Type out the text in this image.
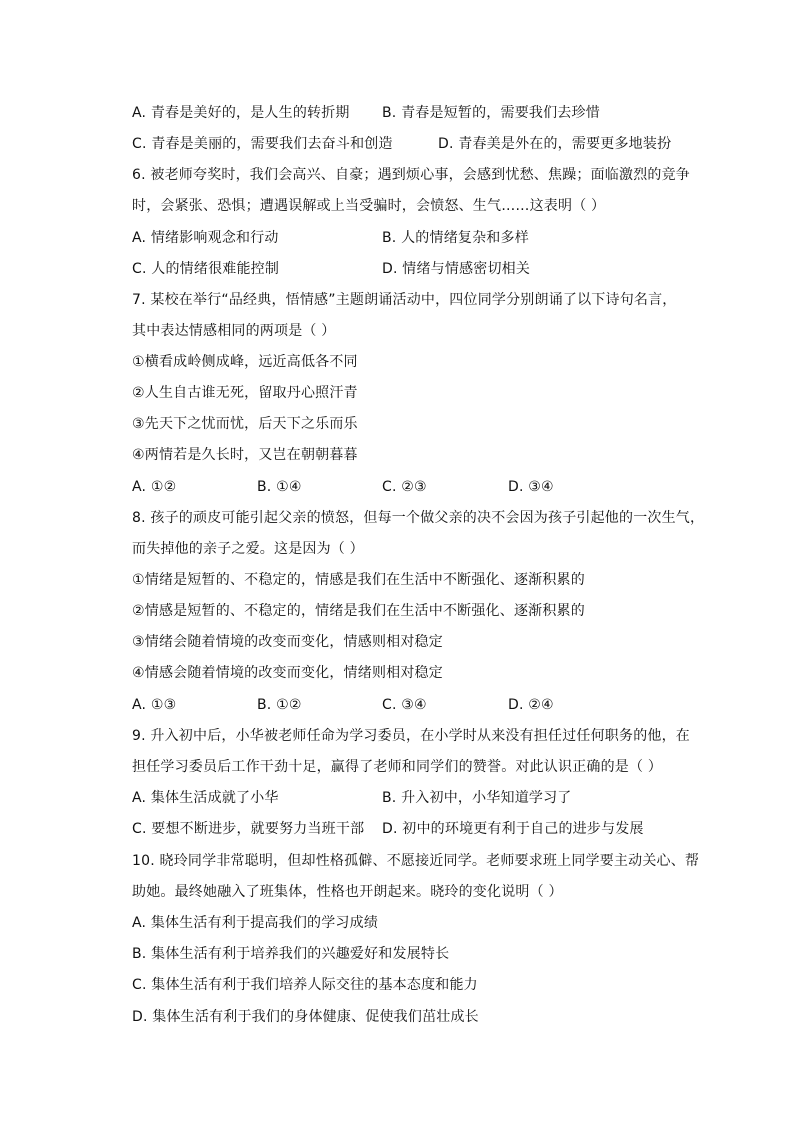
A. 青春是美好的，是人生的转折期 B. 青春是短暂的，需要我们去珍惜
C. 青春是美丽的，需要我们去奋斗和创造	D. 青春美是外在的，需要更多地装扮
6. 被老师夸奖时，我们会高兴、自豪；遇到烦心事，会感到忧愁、焦躁；面临激烈的竞争
时，会紧张、恐惧；遭遇误解或上当受骗时，会愤怒、生气……这表明（ ）
A. 情绪影响观念和行动	B. 人的情绪复杂和多样
C. 人的情绪很难能控制	D. 情绪与情感密切相关
7. 某校在举行“品经典，悟情感”主题朗诵活动中，四位同学分别朗诵了以下诗句名言，
其中表达情感相同的两项是（ ）
①横看成岭侧成峰，远近高低各不同
②人生自古谁无死，留取丹心照汗青
③先天下之忧而忧，后天下之乐而乐
④两情若是久长时，又岂在朝朝暮暮
A. ①②	B. ①④	C. ②③	D. ③④
8. 孩子的顽皮可能引起父亲的愤怒，但每一个做父亲的决不会因为孩子引起他的一次生气，
而失掉他的亲子之爱。这是因为（ ）
①情绪是短暂的、不稳定的，情感是我们在生活中不断强化、逐渐积累的
②情感是短暂的、不稳定的，情绪是我们在生活中不断强化、逐渐积累的
③情绪会随着情境的改变而变化，情感则相对稳定
④情感会随着情境的改变而变化，情绪则相对稳定
A. ①③	B. ①②	C. ③④	D. ②④
9. 升入初中后，小华被老师任命为学习委员，在小学时从来没有担任过任何职务的他，在
担任学习委员后工作干劲十足，赢得了老师和同学们的赞誉。对此认识正确的是（ ）
A. 集体生活成就了小华	B. 升入初中，小华知道学习了
C. 要想不断进步，就要努力当班干部 D. 初中的环境更有利于自己的进步与发展
10. 晓玲同学非常聪明，但却性格孤僻、不愿接近同学。老师要求班上同学要主动关心、帮
助她。最终她融入了班集体，性格也开朗起来。晓玲的变化说明（ ）
A. 集体生活有利于提高我们的学习成绩
B. 集体生活有利于培养我们的兴趣爱好和发展特长
C. 集体生活有利于我们培养人际交往的基本态度和能力
D. 集体生活有利于我们的身体健康、促使我们茁壮成长
